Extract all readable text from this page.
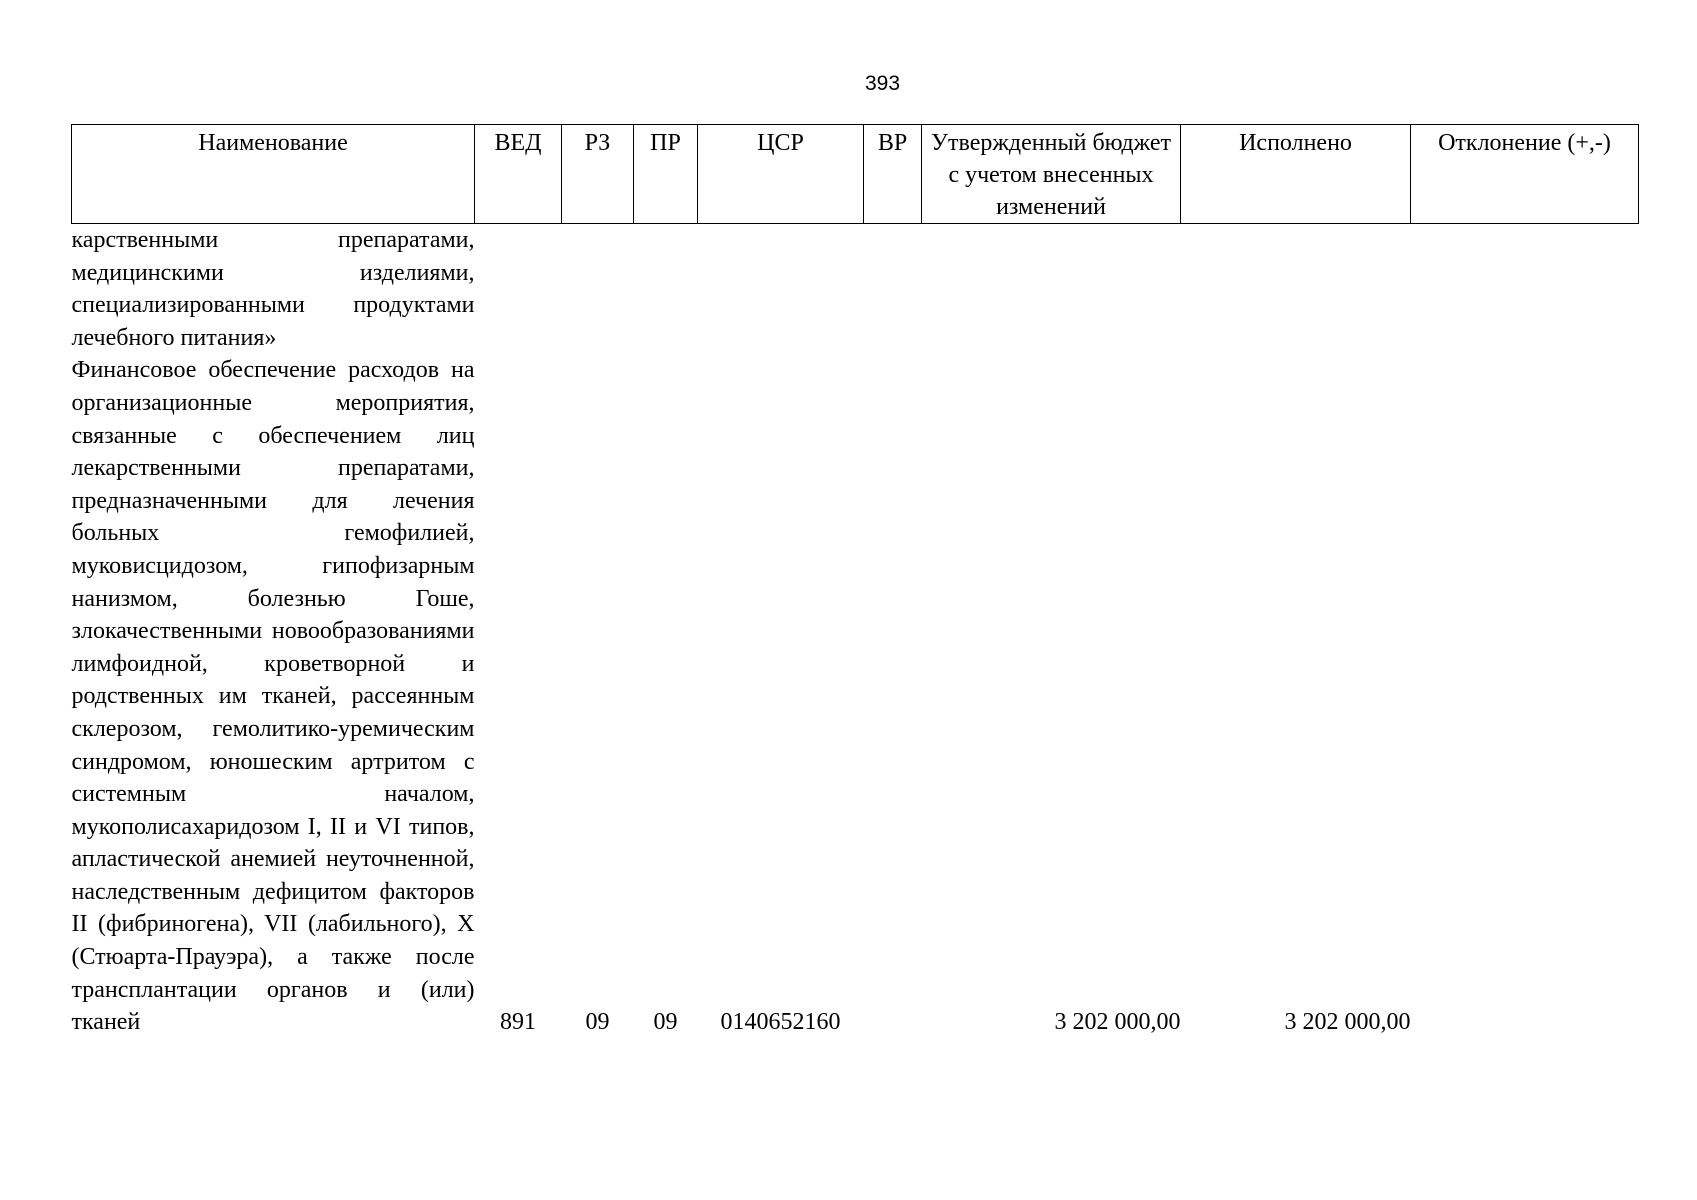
393
Наименование	ВЕД	РЗ	ПР	ЦСР	ВР	Утвержденный бюджет с учетом внесенных изменений	Исполнено	Отклонение (+,-)
карственными препаратами, медицинскими изделиями, специализированными продуктами лечебного питания»								
Финансовое обеспечение расходов на организационные мероприятия, связанные с обеспечением лиц лекарственными препаратами, предназначенными для лечения больных гемофилией, муковисцидозом, гипофизарным нанизмом, болезнью Гоше, злокачественными новообразованиями лимфоидной, кроветворной и родственных им тканей, рассеянным склерозом, гемолитико-уремическим синдромом, юношеским артритом с системным началом, мукополисахаридозом I, II и VI типов, апластической анемией неуточненной, наследственным дефицитом факторов II (фибриногена), VII (лабильного), X (Стюарта-Прауэра), а также после трансплантации органов и (или) тканей	891	09	09	0140652160		3 202 000,00	3 202 000,00	
